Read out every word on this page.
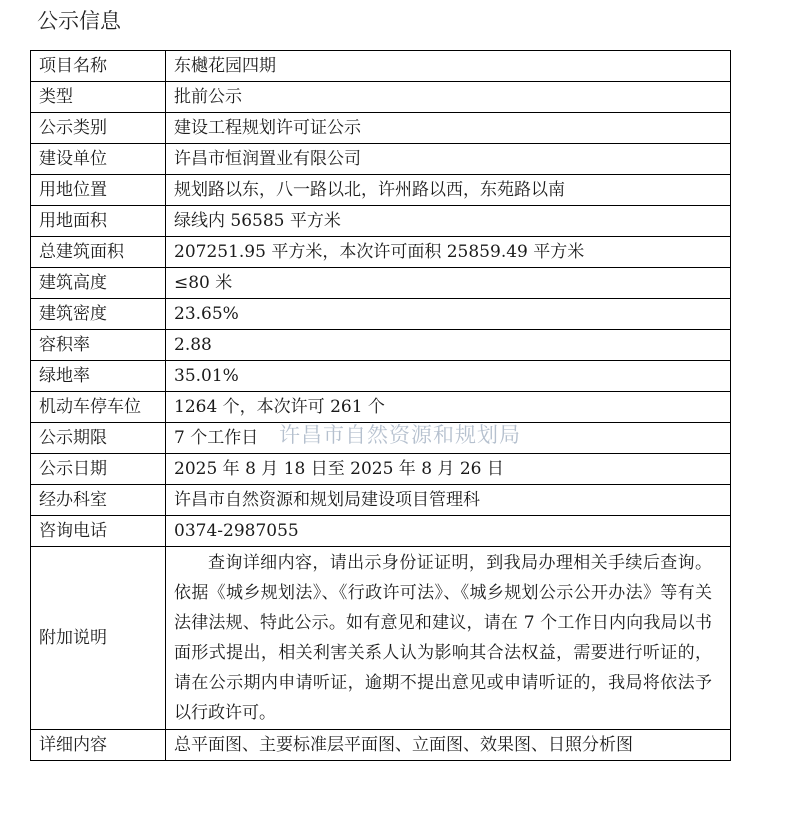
公示信息
项目名称	东樾花园四期
类型	批前公示
公示类别	建设工程规划许可证公示
建设单位	许昌市恒润置业有限公司
用地位置	规划路以东，八一路以北，许州路以西，东苑路以南
用地面积	绿线内 56585 平方米
总建筑面积	207251.95 平方米，本次许可面积 25859.49 平方米
建筑高度	≤80 米
建筑密度	23.65%
容积率	2.88
绿地率	35.01%
机动车停车位	1264 个，本次许可 261 个
公示期限	7 个工作日
公示日期	2025 年 8 月 18 日至 2025 年 8 月 26 日
经办科室	许昌市自然资源和规划局建设项目管理科
咨询电话	0374-2987055
附加说明	查询详细内容，请出示身份证证明，到我局办理相关手续后查询。依据《城乡规划法》、《行政许可法》、《城乡规划公示公开办法》等有关法律法规、特此公示。如有意见和建议，请在 7 个工作日内向我局以书面形式提出，相关利害关系人认为影响其合法权益，需要进行听证的，请在公示期内申请听证，逾期不提出意见或申请听证的，我局将依法予以行政许可。
详细内容	总平面图、主要标准层平面图、立面图、效果图、日照分析图
许昌市自然资源和规划局
